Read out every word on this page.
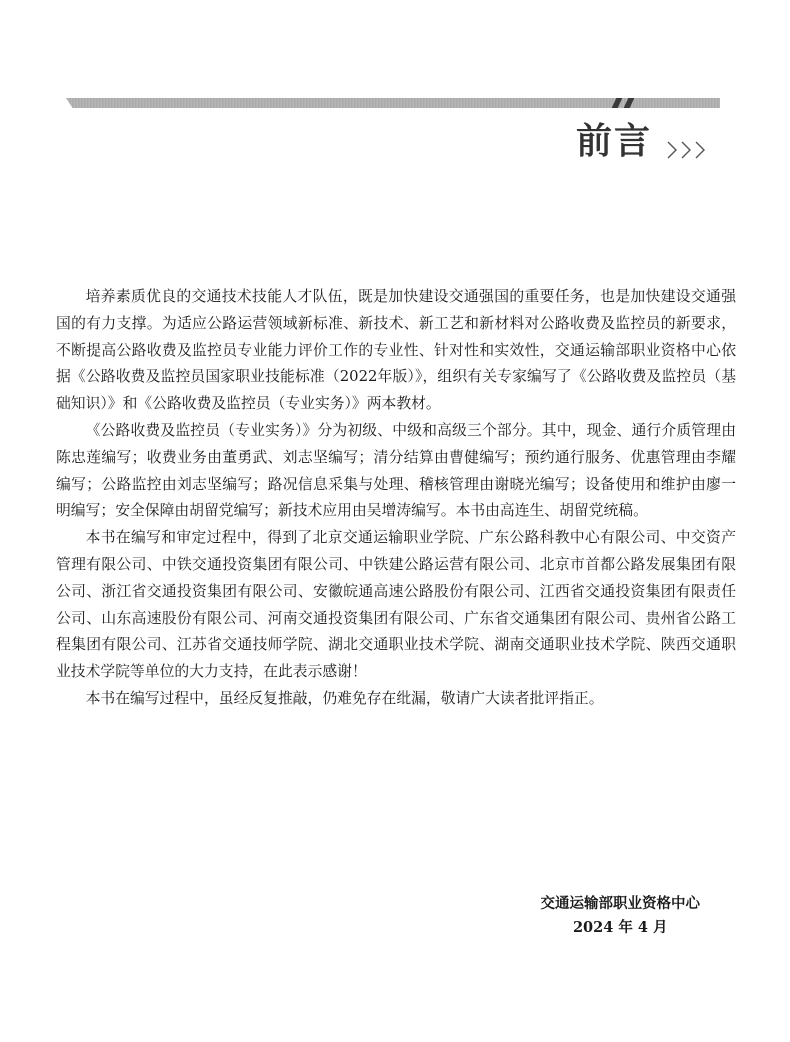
前言

培养素质优良的交通技术技能人才队伍，既是加快建设交通强国的重要任务，也是加快建设交通强国的有力支撑。为适应公路运营领域新标准、新技术、新工艺和新材料对公路收费及监控员的新要求，不断提高公路收费及监控员专业能力评价工作的专业性、针对性和实效性，交通运输部职业资格中心依据《公路收费及监控员国家职业技能标准（2022年版）》，组织有关专家编写了《公路收费及监控员（基础知识）》和《公路收费及监控员（专业实务）》两本教材。

《公路收费及监控员（专业实务）》分为初级、中级和高级三个部分。其中，现金、通行介质管理由陈忠莲编写；收费业务由董勇武、刘志坚编写；清分结算由曹健编写；预约通行服务、优惠管理由李耀编写；公路监控由刘志坚编写；路况信息采集与处理、稽核管理由谢晓光编写；设备使用和维护由廖一明编写；安全保障由胡留党编写；新技术应用由吴增涛编写。本书由高连生、胡留党统稿。

本书在编写和审定过程中，得到了北京交通运输职业学院、广东公路科教中心有限公司、中交资产管理有限公司、中铁交通投资集团有限公司、中铁建公路运营有限公司、北京市首都公路发展集团有限公司、浙江省交通投资集团有限公司、安徽皖通高速公路股份有限公司、江西省交通投资集团有限责任公司、山东高速股份有限公司、河南交通投资集团有限公司、广东省交通集团有限公司、贵州省公路工程集团有限公司、江苏省交通技师学院、湖北交通职业技术学院、湖南交通职业技术学院、陕西交通职业技术学院等单位的大力支持，在此表示感谢！

本书在编写过程中，虽经反复推敲，仍难免存在纰漏，敬请广大读者批评指正。

交通运输部职业资格中心
2024 年 4 月
